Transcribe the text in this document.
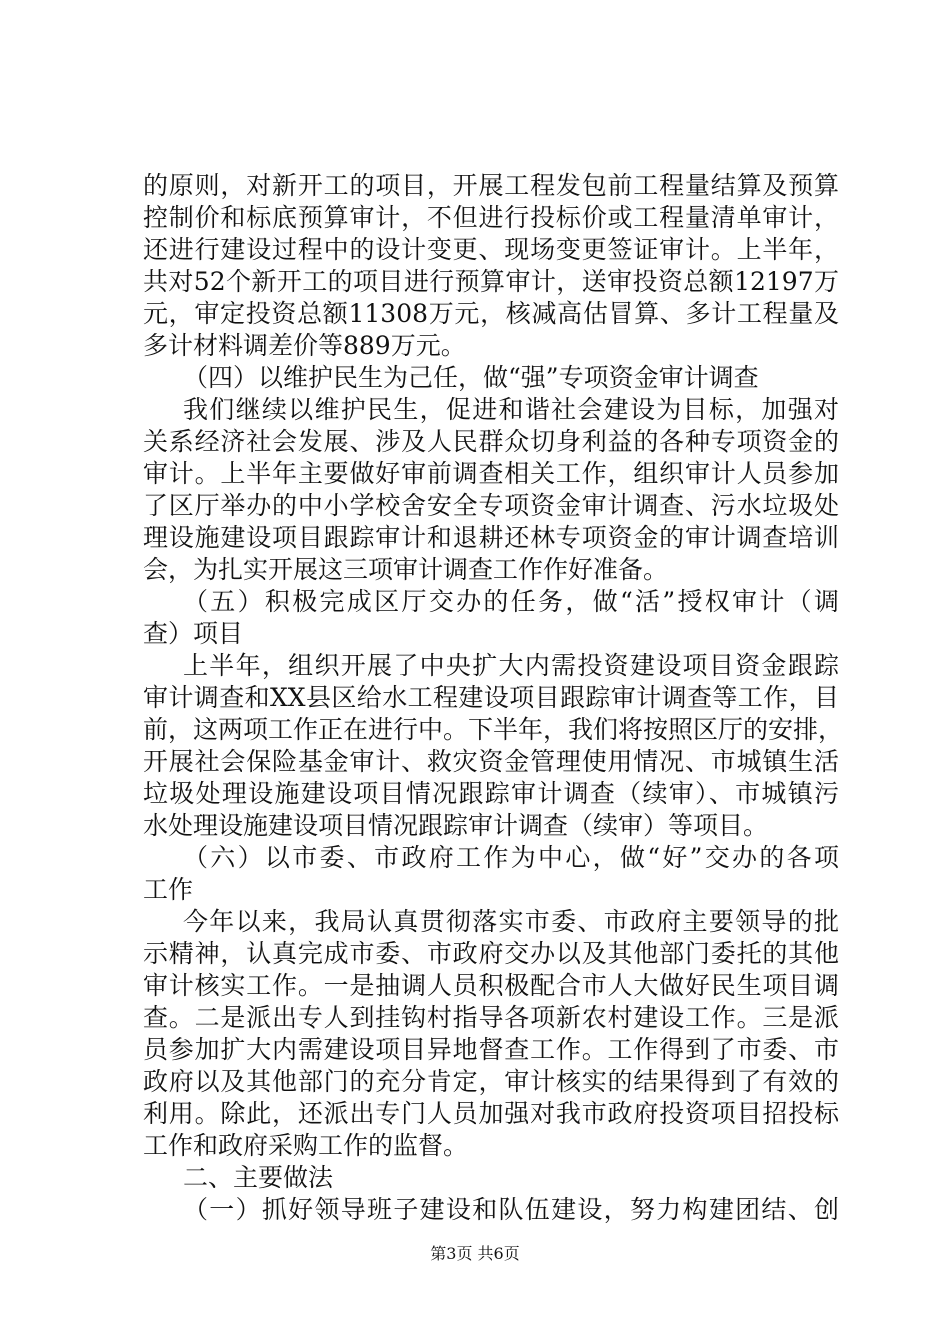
的原则，对新开工的项目，开展工程发包前工程量结算及预算
控制价和标底预算审计，不但进行投标价或工程量清单审计，
还进行建设过程中的设计变更、现场变更签证审计。上半年，
共对52个新开工的项目进行预算审计，送审投资总额12197万
元，审定投资总额11308万元，核减高估冒算、多计工程量及
多计材料调差价等889万元。
（四）以维护民生为己任，做“强”专项资金审计调查
我们继续以维护民生，促进和谐社会建设为目标，加强对
关系经济社会发展、涉及人民群众切身利益的各种专项资金的
审计。上半年主要做好审前调查相关工作，组织审计人员参加
了区厅举办的中小学校舍安全专项资金审计调查、污水垃圾处
理设施建设项目跟踪审计和退耕还林专项资金的审计调查培训
会，为扎实开展这三项审计调查工作作好准备。
（五）积极完成区厅交办的任务，做“活”授权审计（调
查）项目
上半年，组织开展了中央扩大内需投资建设项目资金跟踪
审计调查和XX县区给水工程建设项目跟踪审计调查等工作，目
前，这两项工作正在进行中。下半年，我们将按照区厅的安排，
开展社会保险基金审计、救灾资金管理使用情况、市城镇生活
垃圾处理设施建设项目情况跟踪审计调查（续审）、市城镇污
水处理设施建设项目情况跟踪审计调查（续审）等项目。
（六）以市委、市政府工作为中心，做“好”交办的各项
工作
今年以来，我局认真贯彻落实市委、市政府主要领导的批
示精神，认真完成市委、市政府交办以及其他部门委托的其他
审计核实工作。一是抽调人员积极配合市人大做好民生项目调
查。二是派出专人到挂钩村指导各项新农村建设工作。三是派
员参加扩大内需建设项目异地督查工作。工作得到了市委、市
政府以及其他部门的充分肯定，审计核实的结果得到了有效的
利用。除此，还派出专门人员加强对我市政府投资项目招投标
工作和政府采购工作的监督。
二、主要做法
（一）抓好领导班子建设和队伍建设，努力构建团结、创
第3页 共6页
